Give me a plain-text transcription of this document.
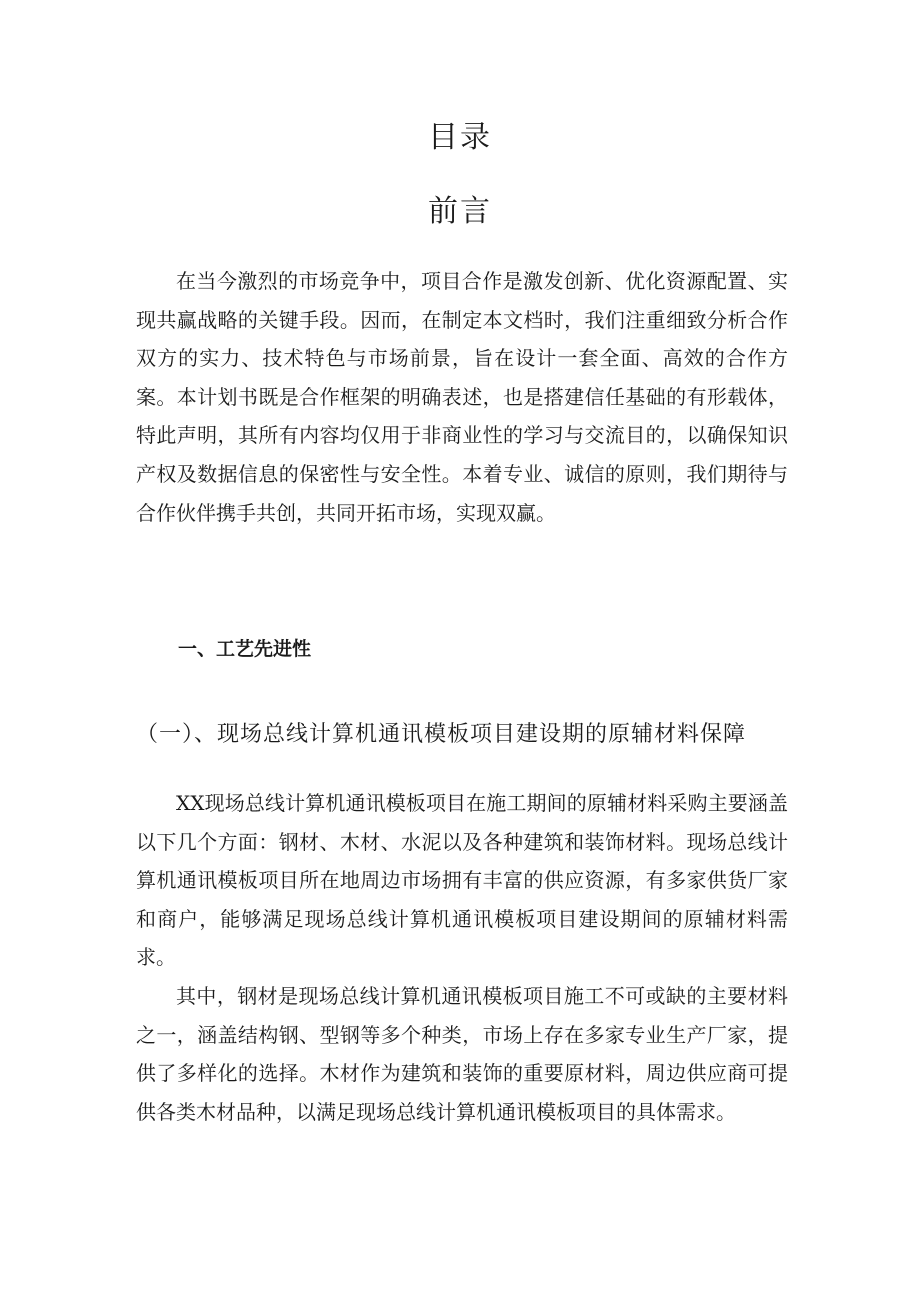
目录
前言

在当今激烈的市场竞争中，项目合作是激发创新、优化资源配置、实现共赢战略的关键手段。因而，在制定本文档时，我们注重细致分析合作双方的实力、技术特色与市场前景，旨在设计一套全面、高效的合作方案。本计划书既是合作框架的明确表述，也是搭建信任基础的有形载体，特此声明，其所有内容均仅用于非商业性的学习与交流目的，以确保知识产权及数据信息的保密性与安全性。本着专业、诚信的原则，我们期待与合作伙伴携手共创，共同开拓市场，实现双赢。

一、工艺先进性
（一）、现场总线计算机通讯模板项目建设期的原辅材料保障

XX现场总线计算机通讯模板项目在施工期间的原辅材料采购主要涵盖以下几个方面：钢材、木材、水泥以及各种建筑和装饰材料。现场总线计算机通讯模板项目所在地周边市场拥有丰富的供应资源，有多家供货厂家和商户，能够满足现场总线计算机通讯模板项目建设期间的原辅材料需求。

其中，钢材是现场总线计算机通讯模板项目施工不可或缺的主要材料之一，涵盖结构钢、型钢等多个种类，市场上存在多家专业生产厂家，提供了多样化的选择。木材作为建筑和装饰的重要原材料，周边供应商可提供各类木材品种，以满足现场总线计算机通讯模板项目的具体需求。
